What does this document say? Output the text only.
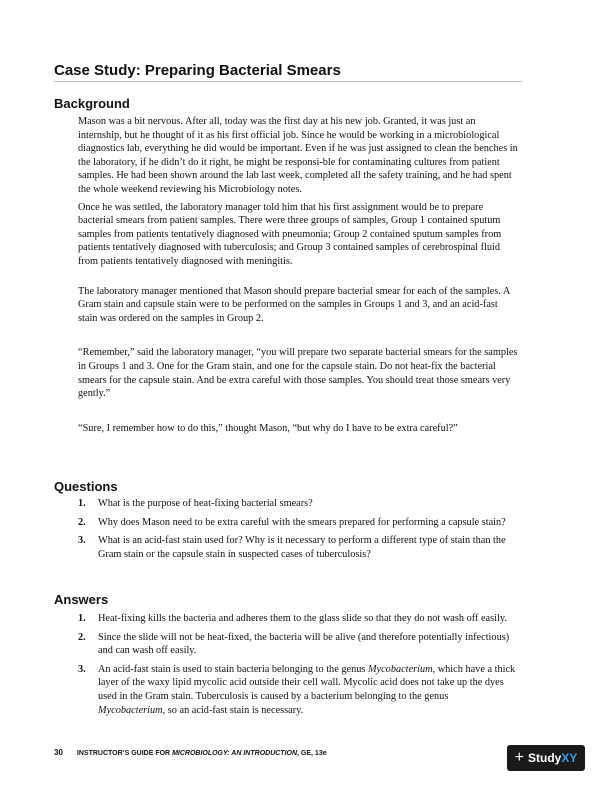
Case Study: Preparing Bacterial Smears
Background

Mason was a bit nervous. After all, today was the first day at his new job. Granted, it was just an internship, but he thought of it as his first official job. Since he would be working in a microbiological diagnostics lab, everything he did would be important. Even if he was just assigned to clean the benches in the laboratory, if he didn’t do it right, he might be responsi-ble for contaminating cultures from patient samples. He had been shown around the lab last week, completed all the safety training, and he had spent the whole weekend reviewing his Microbiology notes.

Once he was settled, the laboratory manager told him that his first assignment would be to prepare bacterial smears from patient samples. There were three groups of samples, Group 1 contained sputum samples from patients tentatively diagnosed with pneumonia; Group 2 contained sputum samples from patients tentatively diagnosed with tuberculosis; and Group 3 contained samples of cerebrospinal fluid from patients tentatively diagnosed with meningitis.

The laboratory manager mentioned that Mason should prepare bacterial smear for each of the samples. A Gram stain and capsule stain were to be performed on the samples in Groups 1 and 3, and an acid-fast stain was ordered on the samples in Group 2.

“Remember,” said the laboratory manager, “you will prepare two separate bacterial smears for the samples in Groups 1 and 3. One for the Gram stain, and one for the capsule stain. Do not heat-fix the bacterial smears for the capsule stain. And be extra careful with those samples. You should treat those smears very gently.”

“Sure, I remember how to do this,” thought Mason, “but why do I have to be extra careful?”

Questions
1. What is the purpose of heat-fixing bacterial smears?
2. Why does Mason need to be extra careful with the smears prepared for performing a capsule stain?
3. What is an acid-fast stain used for? Why is it necessary to perform a different type of stain than the Gram stain or the capsule stain in suspected cases of tuberculosis?
Answers
1. Heat-fixing kills the bacteria and adheres them to the glass slide so that they do not wash off easily.
2. Since the slide will not be heat-fixed, the bacteria will be alive (and therefore potentially infectious) and can wash off easily.
3. An acid-fast stain is used to stain bacteria belonging to the genus Mycobacterium, which have a thick layer of the waxy lipid mycolic acid outside their cell wall. Mycolic acid does not take up the dyes used in the Gram stain. Tuberculosis is caused by a bacterium belonging to the genus Mycobacterium, so an acid-fast stain is necessary.
30 INSTRUCTOR’S GUIDE FOR MICROBIOLOGY: AN INTRODUCTION, GE, 13e	+ Study XY
